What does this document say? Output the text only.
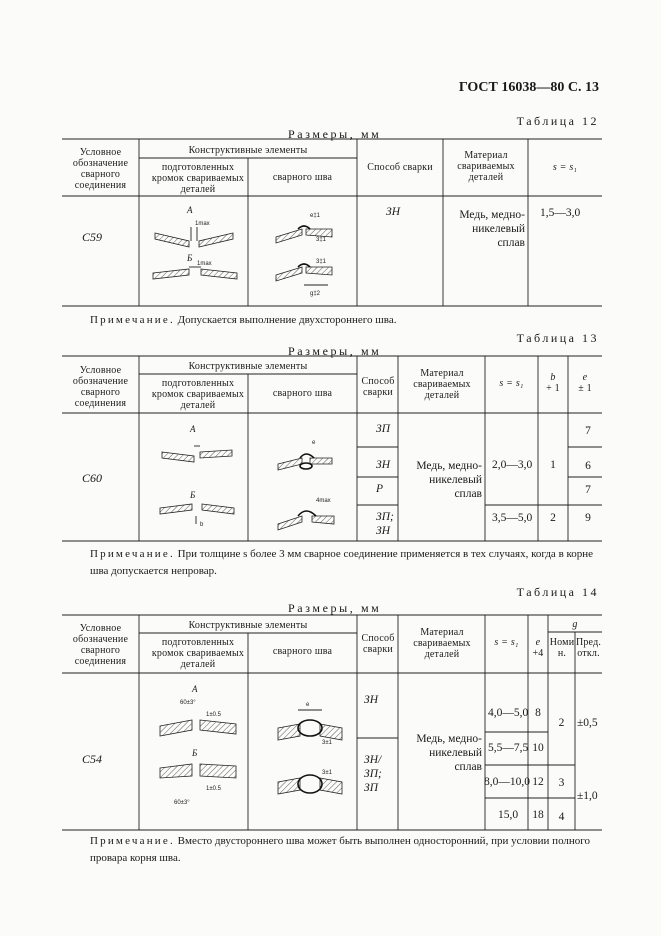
ГОСТ 16038—80 С. 13
Таблица 12
Размеры, мм
Условное обозначение сварного соединения
Конструктивные элементы
подготовленных кромок свариваемых деталей
сварного шва
Способ сварки
Материал свариваемых деталей
s = s₁
С59
ЗН	Медь, медно-никелевый сплав
1,5—3,0
А
1max
Б
1max
e‡1
3‡1
3‡1
g‡2
Примечание. Допускается выполнение двухстороннего шва.
Таблица 13
Размеры, мм
Условное обозначение сварного соединения
Конструктивные элементы
подготовленных кромок свариваемых деталей
сварного шва
Способ сварки
Материал свариваемых деталей
s = s₁
b
+ 1
e
± 1
С60
ЗП
ЗН
Р
ЗП; ЗН
Медь, медно-никелевый сплав
2,0—3,0
3,5—5,0
1
2
7
6
7
9
А
Б
b
e
4max
Примечание. При толщине s более 3 мм сварное соединение применяется в тех случаях, когда в корне шва допускается непровар.
Таблица 14
Размеры, мм
Условное обозначение сварного соединения
Конструктивные элементы
подготовленных кромок свариваемых деталей
сварного шва
Способ сварки
Материал свариваемых деталей
s = s₁	e
+4
g
Номин.
Пред. откл.
С54
ЗН
ЗН/ЗП; ЗП
Медь, медно-никелевый сплав
4,0—5,0
5,5—7,5
8,0—10,0
15,0
8
10
12
18
2
3
4
±0,5
±1,0
А
60±3°
1±0.5
Б
1±0.5
60±3°
e
3±1
3±1
Примечание. Вместо двустороннего шва может быть выполнен односторонний, при условии полного провара корня шва.
